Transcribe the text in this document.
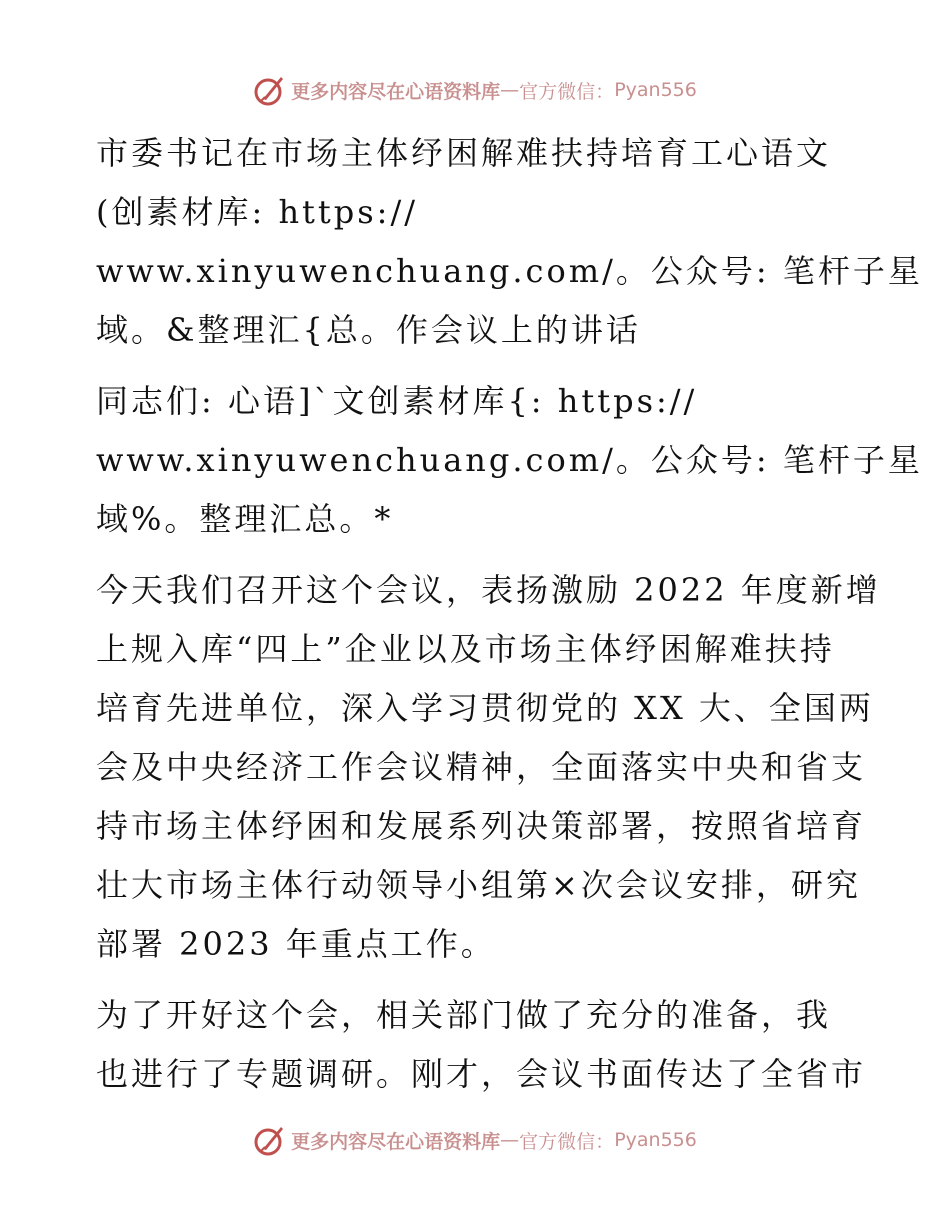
更多内容尽在心语资料库 — 官方微信： Pyan556
市委书记在市场主体纾困解难扶持培育工心语文
(创素材库: https://
www.xinyuwenchuang.com/。公众号: 笔杆子星
域。&整理汇{总。作会议上的讲话
同志们: 心语]`文创素材库{: https://
www.xinyuwenchuang.com/。公众号: 笔杆子星
域%。整理汇总。*
今天我们召开这个会议，表扬激励 2022 年度新增
上规入库“四上”企业以及市场主体纾困解难扶持
培育先进单位，深入学习贯彻党的 XX 大、全国两
会及中央经济工作会议精神，全面落实中央和省支
持市场主体纾困和发展系列决策部署，按照省培育
壮大市场主体行动领导小组第×次会议安排，研究
部署 2023 年重点工作。
为了开好这个会，相关部门做了充分的准备，我
也进行了专题调研。刚才，会议书面传达了全省市
更多内容尽在心语资料库 — 官方微信： Pyan556
